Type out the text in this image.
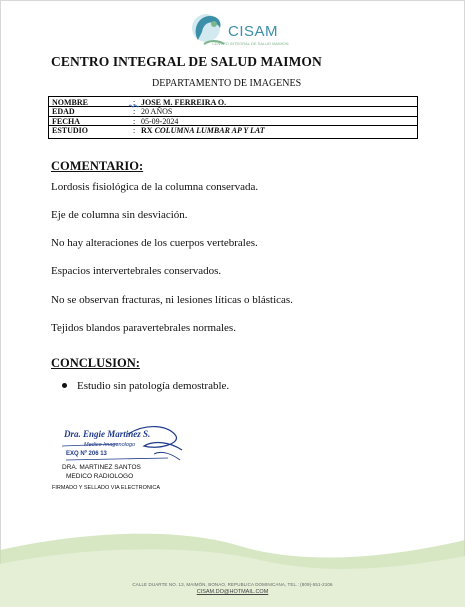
CISAM
CENTRO INTEGRAL DE SALUD MAIMON
CENTRO INTEGRAL DE SALUD MAIMON
DEPARTAMENTO DE IMAGENES
NOMBRE	: JOSE M. FERREIRA O.
EDAD	: 20 AÑOS
FECHA	: 05-09-2024
ESTUDIO	: RX COLUMNA LUMBAR AP Y LAT
COMENTARIO:
Lordosis fisiológica de la columna conservada.
Eje de columna sin desviación.
No hay alteraciones de los cuerpos vertebrales.
Espacios intervertebrales conservados.
No se observan fracturas, ni lesiones líticas o blásticas.
Tejidos blandos paravertebrales normales.
CONCLUSION:
Estudio sin patología demostrable.
Dra. Engie Martinez S.
Medico Imagenologo
EXQ Nº 206 13
DRA. MARTINEZ SANTOS
MEDICO RADIOLOGO
FIRMADO Y SELLADO VIA ELECTRONICA
CALLE DUARTE NO. 13, MAIMÓN, BONAO, REPUBLICA DOMINICANA, TEL.: (809)-551-2106
CISAM.DO@HOTMAIL.COM
